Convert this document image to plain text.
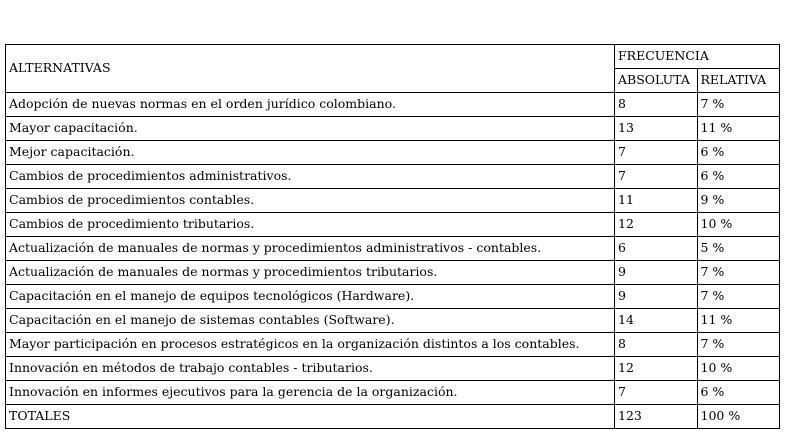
ALTERNATIVAS	FRECUENCIA	
	ABSOLUTA	RELATIVA
Adopción de nuevas normas en el orden jurídico colombiano.	8	7 %
Mayor capacitación.	13	11 %
Mejor capacitación.	7	6 %
Cambios de procedimientos administrativos.	7	6 %
Cambios de procedimientos contables.	11	9 %
Cambios de procedimiento tributarios.	12	10 %
Actualización de manuales de normas y procedimientos administrativos - contables.	6	5 %
Actualización de manuales de normas y procedimientos tributarios.	9	7 %
Capacitación en el manejo de equipos tecnológicos (Hardware).	9	7 %
Capacitación en el manejo de sistemas contables (Software).	14	11 %
Mayor participación en procesos estratégicos en la organización distintos a los contables.	8	7 %
Innovación en métodos de trabajo contables - tributarios.	12	10 %
Innovación en informes ejecutivos para la gerencia de la organización.	7	6 %
TOTALES	123	100 %
